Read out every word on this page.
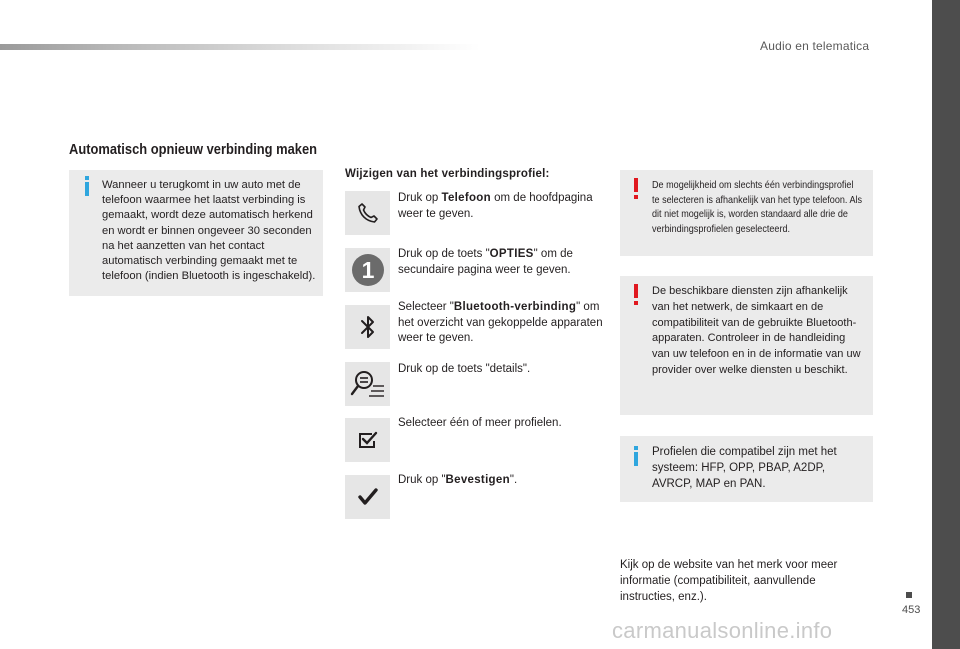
Audio en telematica
Automatisch opnieuw verbinding maken
Wanneer u terugkomt in uw auto met de telefoon waarmee het laatst verbinding is gemaakt, wordt deze automatisch herkend en wordt er binnen ongeveer 30 seconden na het aanzetten van het contact automatisch verbinding gemaakt met te telefoon (indien Bluetooth is ingeschakeld).
Wijzigen van het verbindingsprofiel:
Druk op Telefoon om de hoofdpagina weer te geven.
1
Druk op de toets "OPTIES" om de secundaire pagina weer te geven.
Selecteer "Bluetooth-verbinding" om het overzicht van gekoppelde apparaten weer te geven.
Druk op de toets "details".
Selecteer één of meer profielen.
Druk op "Bevestigen".
De mogelijkheid om slechts één verbindingsprofiel te selecteren is afhankelijk van het type telefoon. Als dit niet mogelijk is, worden standaard alle drie de verbindingsprofielen geselecteerd.
De beschikbare diensten zijn afhankelijk van het netwerk, de simkaart en de compatibiliteit van de gebruikte Bluetooth-apparaten. Controleer in de handleiding van uw telefoon en in de informatie van uw provider over welke diensten u beschikt.
Profielen die compatibel zijn met het systeem: HFP, OPP, PBAP, A2DP, AVRCP, MAP en PAN.
Kijk op de website van het merk voor meer informatie (compatibiliteit, aanvullende instructies, enz.).
453
carmanualsonline.info
